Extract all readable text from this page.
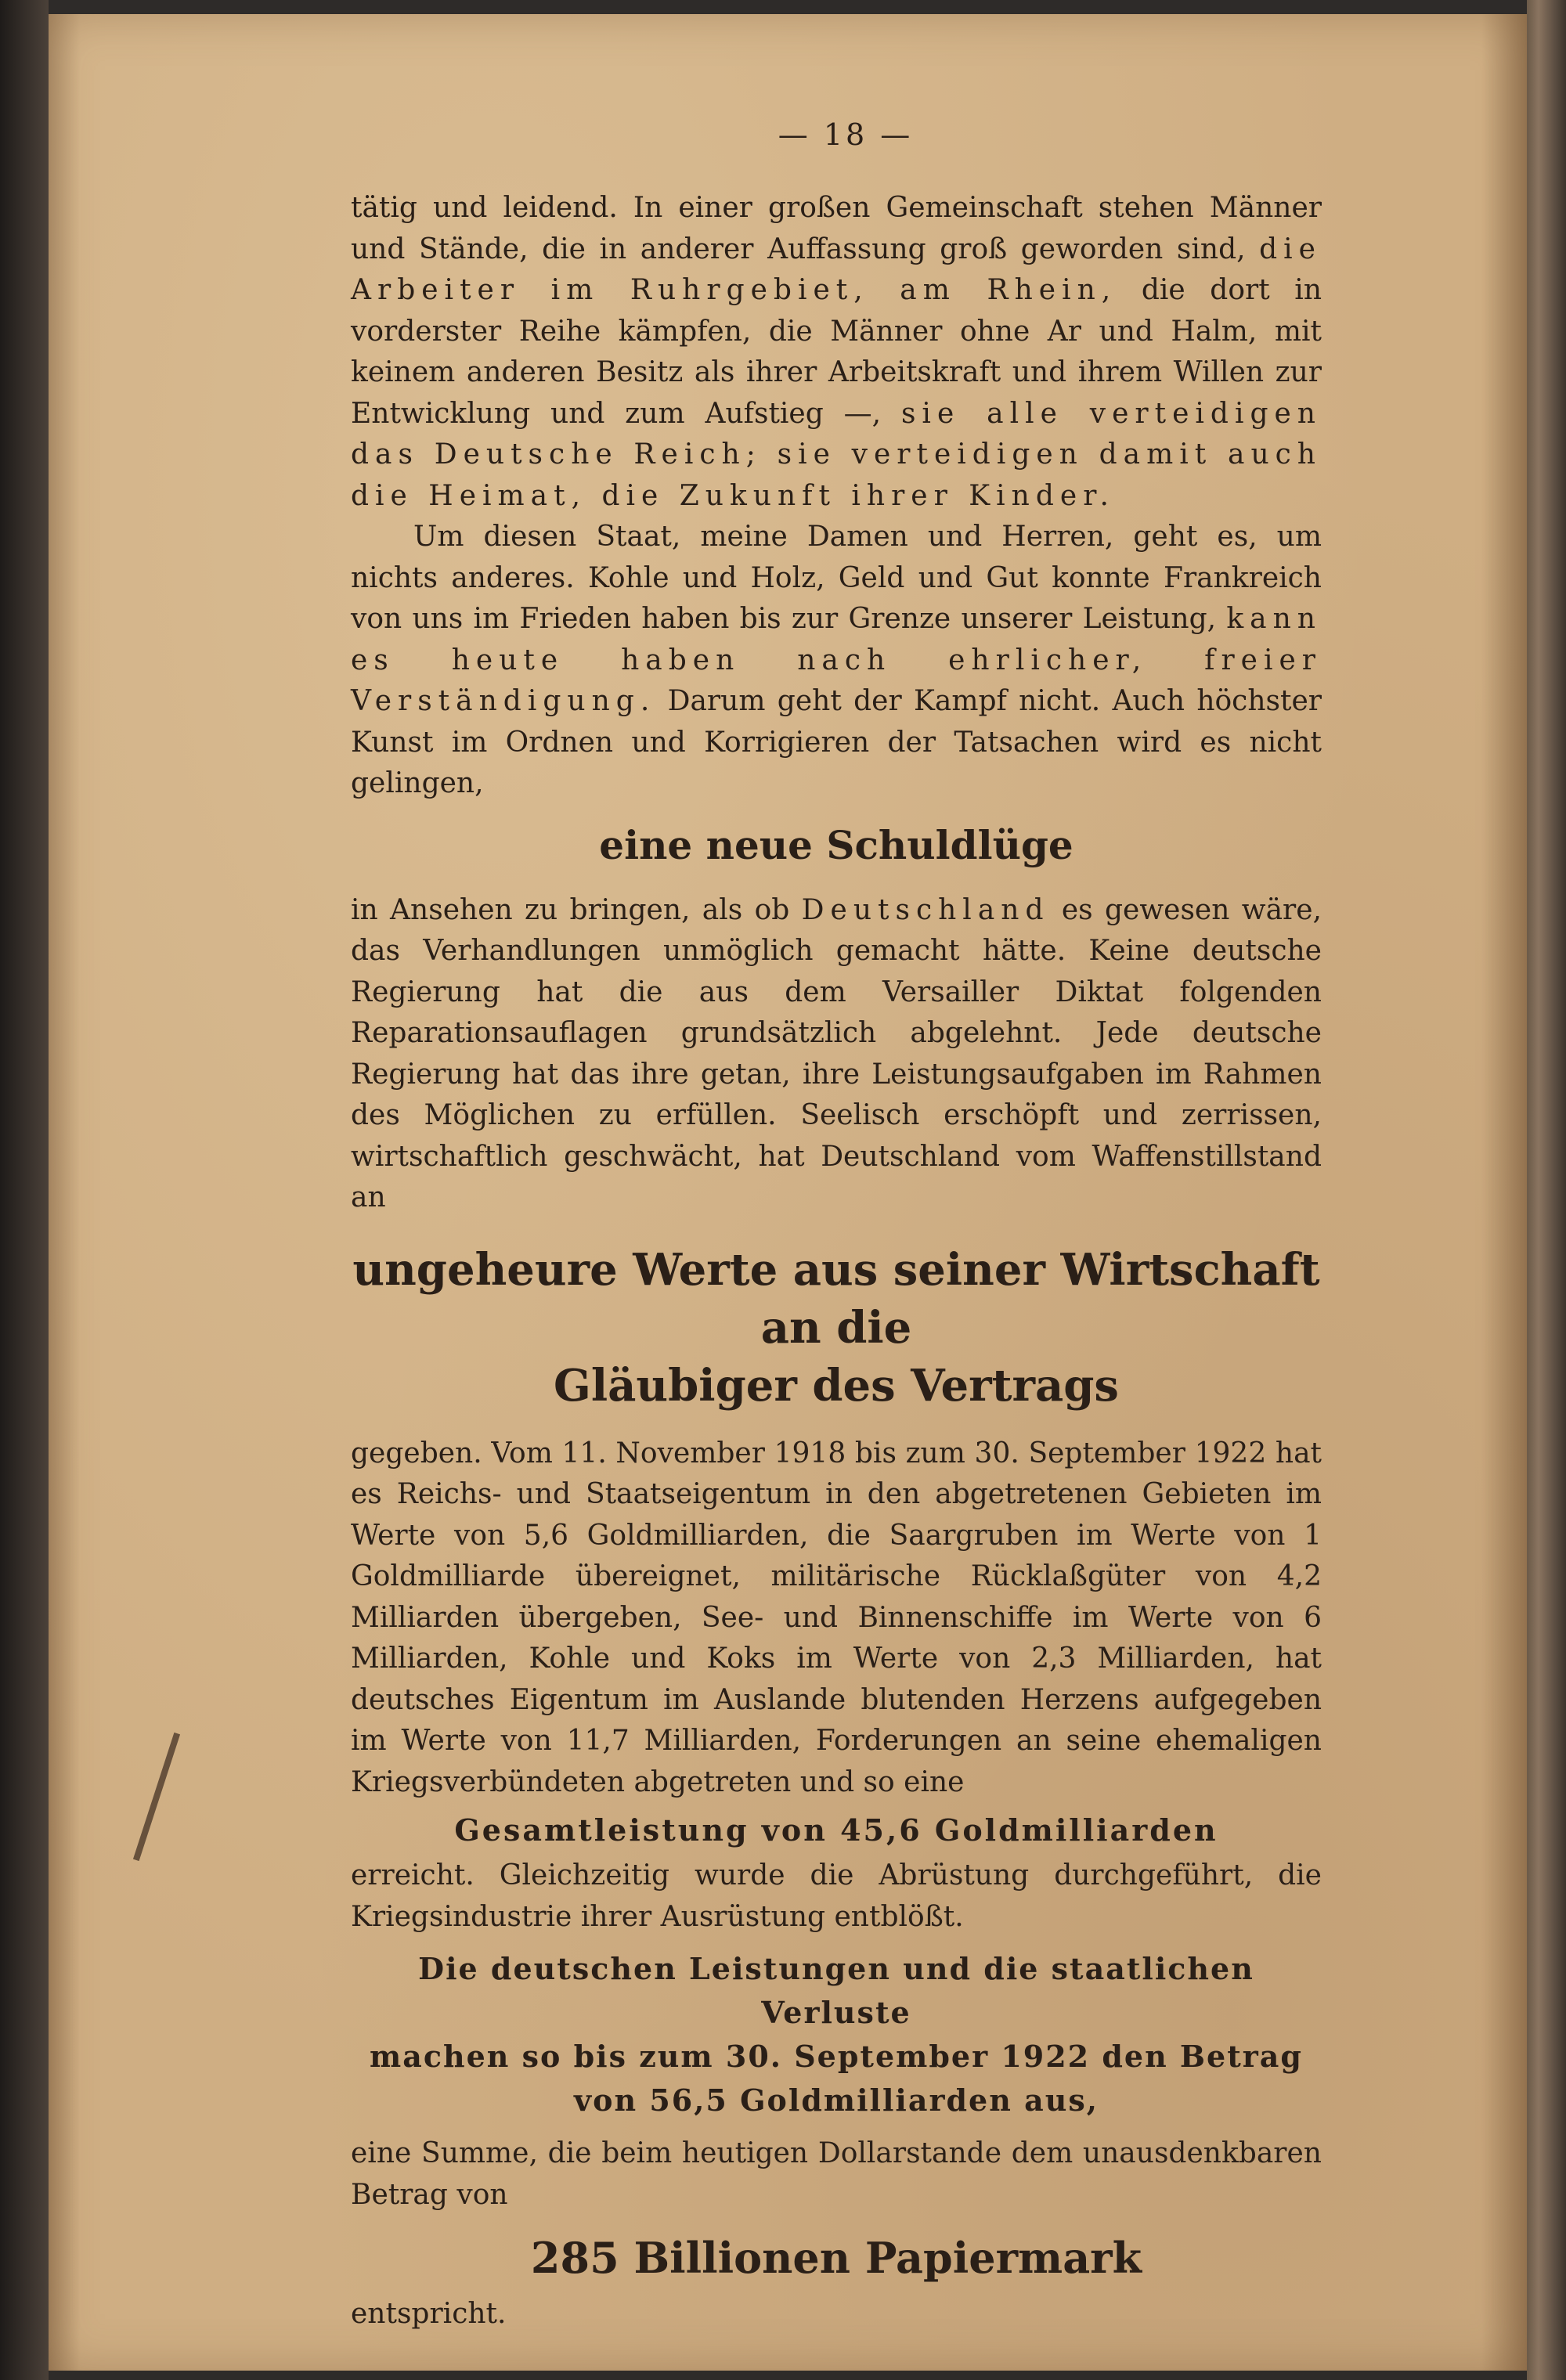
— 18 —

tätig und leidend. In einer großen Gemeinschaft stehen Männer und Stände, die in anderer Auffassung groß geworden sind, die Arbeiter im Ruhrgebiet, am Rhein, die dort in vorderster Reihe kämpfen, die Männer ohne Ar und Halm, mit keinem anderen Besitz als ihrer Arbeitskraft und ihrem Willen zur Entwicklung und zum Aufstieg —, sie alle verteidigen das Deutsche Reich; sie verteidigen damit auch die Heimat, die Zukunft ihrer Kinder.

Um diesen Staat, meine Damen und Herren, geht es, um nichts anderes. Kohle und Holz, Geld und Gut konnte Frankreich von uns im Frieden haben bis zur Grenze unserer Leistung, kann es heute haben nach ehrlicher, freier Verständigung. Darum geht der Kampf nicht. Auch höchster Kunst im Ordnen und Korrigieren der Tatsachen wird es nicht gelingen,

eine neue Schuldlüge

in Ansehen zu bringen, als ob Deutschland es gewesen wäre, das Verhandlungen unmöglich gemacht hätte. Keine deutsche Regierung hat die aus dem Versailler Diktat folgenden Reparationsauflagen grundsätzlich abgelehnt. Jede deutsche Regierung hat das ihre getan, ihre Leistungsaufgaben im Rahmen des Möglichen zu erfüllen. Seelisch erschöpft und zerrissen, wirtschaftlich geschwächt, hat Deutschland vom Waffenstillstand an

ungeheure Werte aus seiner Wirtschaft an die
Gläubiger des Vertrags

gegeben. Vom 11. November 1918 bis zum 30. September 1922 hat es Reichs- und Staatseigentum in den abgetretenen Gebieten im Werte von 5,6 Goldmilliarden, die Saargruben im Werte von 1 Goldmilliarde übereignet, militärische Rücklaßgüter von 4,2 Milliarden übergeben, See- und Binnenschiffe im Werte von 6 Milliarden, Kohle und Koks im Werte von 2,3 Milliarden, hat deutsches Eigentum im Auslande blutenden Herzens aufgegeben im Werte von 11,7 Milliarden, Forderungen an seine ehemaligen Kriegsverbündeten abgetreten und so eine

Gesamtleistung von 45,6 Goldmilliarden

erreicht. Gleichzeitig wurde die Abrüstung durchgeführt, die Kriegsindustrie ihrer Ausrüstung entblößt.

Die deutschen Leistungen und die staatlichen Verluste
machen so bis zum 30. September 1922 den Betrag
von 56,5 Goldmilliarden aus,

eine Summe, die beim heutigen Dollarstande dem unausdenkbaren Betrag von

285 Billionen Papiermark

entspricht.
